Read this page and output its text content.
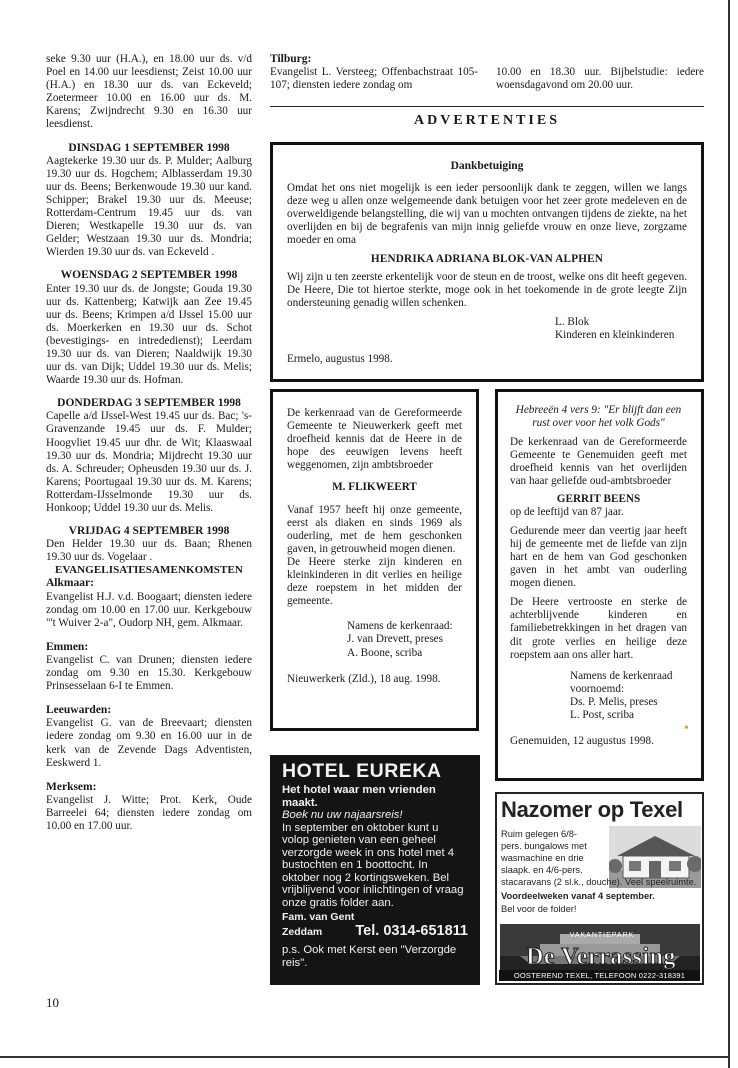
seke 9.30 uur (H.A.), en 18.00 uur ds. v/d Poel en 14.00 uur leesdienst; Zeist 10.00 uur (H.A.) en 18.30 uur ds. van Eckeveld; Zoetermeer 10.00 en 16.00 uur ds. M. Karens; Zwijndrecht 9.30 en 16.30 uur leesdienst.

DINSDAG 1 SEPTEMBER 1998

Aagtekerke 19.30 uur ds. P. Mulder; Aalburg 19.30 uur ds. Hogchem; Alblasserdam 19.30 uur ds. Beens; Berkenwoude 19.30 uur kand. Schipper; Brakel 19.30 uur ds. Meeuse; Rotterdam-Centrum 19.45 uur ds. van Dieren; Westkapelle 19.30 uur ds. van Gelder; Westzaan 19.30 uur ds. Mondria; Wierden 19.30 uur ds. van Eckeveld .

WOENSDAG 2 SEPTEMBER 1998

Enter 19.30 uur ds. de Jongste; Gouda 19.30 uur ds. Kattenberg; Katwijk aan Zee 19.45 uur ds. Beens; Krimpen a/d IJssel 15.00 uur ds. Moerkerken en 19.30 uur ds. Schot (bevestigings- en intrededienst); Leerdam 19.30 uur ds. van Dieren; Naaldwijk 19.30 uur ds. van Dijk; Uddel 19.30 uur ds. Melis; Waarde 19.30 uur ds. Hofman.

DONDERDAG 3 SEPTEMBER 1998

Capelle a/d IJssel-West 19.45 uur ds. Bac; 's-Gravenzande 19.45 uur ds. F. Mulder; Hoogvliet 19.45 uur dhr. de Wit; Klaaswaal 19.30 uur ds. Mondria; Mijdrecht 19.30 uur ds. A. Schreuder; Opheusden 19.30 uur ds. J. Karens; Poortugaal 19.30 uur ds. M. Karens; Rotterdam-IJsselmonde 19.30 uur ds. Honkoop; Uddel 19.30 uur ds. Melis.

VRIJDAG 4 SEPTEMBER 1998

Den Helder 19.30 uur ds. Baan; Rhenen 19.30 uur ds. Vogelaar .

EVANGELISATIESAMENKOMSTEN

Alkmaar:

Evangelist H.J. v.d. Boogaart; diensten iedere zondag om 10.00 en 17.00 uur. Kerkgebouw "'t Wuiver 2-a", Oudorp NH, gem. Alkmaar.

Emmen:

Evangelist C. van Drunen; diensten iedere zondag om 9.30 en 15.30. Kerkgebouw Prinsesselaan 6-I te Emmen.

Leeuwarden:

Evangelist G. van de Breevaart; diensten iedere zondag om 9.30 en 16.00 uur in de kerk van de Zevende Dags Adventisten, Eeskwerd 1.

Merksem:

Evangelist J. Witte; Prot. Kerk, Oude Barreelei 64; diensten iedere zondag om 10.00 en 17.00 uur.

10

Tilburg:

Evangelist L. Versteeg; Offenbachstraat 105-107; diensten iedere zondag om

10.00 en 18.30 uur. Bijbelstudie: iedere woensdagavond om 20.00 uur.

ADVERTENTIES

Dankbetuiging

Omdat het ons niet mogelijk is een ieder persoonlijk dank te zeggen, willen we langs deze weg u allen onze welgemeende dank betuigen voor het zeer grote medeleven en de overweldigende belangstelling, die wij van u mochten ontvangen tijdens de ziekte, na het overlijden en bij de begrafenis van mijn innig geliefde vrouw en onze lieve, zorgzame moeder en oma

HENDRIKA ADRIANA BLOK-VAN ALPHEN

Wij zijn u ten zeerste erkentelijk voor de steun en de troost, welke ons dit heeft gegeven. De Heere, Die tot hiertoe sterkte, moge ook in het toekomende in de grote leegte Zijn ondersteuning genadig willen schenken.

L. Blok

Kinderen en kleinkinderen

Ermelo, augustus 1998.

De kerkenraad van de Gereformeerde Gemeente te Nieuwerkerk geeft met droefheid kennis dat de Heere in de hope des eeuwigen levens heeft weggenomen, zijn ambtsbroeder

M. FLIKWEERT

Vanaf 1957 heeft hij onze gemeente, eerst als diaken en sinds 1969 als ouderling, met de hem geschonken gaven, in getrouwheid mogen dienen.

De Heere sterke zijn kinderen en kleinkinderen in dit verlies en heilige deze roepstem in het midden der gemeente.

Namens de kerkenraad:

J. van Drevett, preses

A. Boone, scriba

Nieuwerkerk (Zld.), 18 aug. 1998.

Hebreeën 4 vers 9: "Er blijft dan een rust over voor het volk Gods"

De kerkenraad van de Gereformeerde Gemeente te Genemuiden geeft met droefheid kennis van het overlijden van haar geliefde oud-ambtsbroeder

GERRIT BEENS

op de leeftijd van 87 jaar.

Gedurende meer dan veertig jaar heeft hij de gemeente met de liefde van zijn hart en de hem van God geschonken gaven in het ambt van ouderling mogen dienen.

De Heere vertrooste en sterke de achterblijvende kinderen en familiebetrekkingen in het dragen van dit grote verlies en heilige deze roepstem aan ons aller hart.

Namens de kerkenraad

voornoemd:

Ds. P. Melis, preses

L. Post, scriba

Genemuiden, 12 augustus 1998.

•
HOTEL EUREKA
Het hotel waar men vrienden maakt.
Boek nu uw najaarsreis!
In september en oktober kunt u volop genieten van een geheel verzorgde week in ons hotel met 4 bustochten en 1 boottocht. In oktober nog 2 kortingsweken. Bel vrijblijvend voor inlichtingen of vraag onze gratis folder aan.
Fam. van Gent
Zeddam Tel. 0314-651811
p.s. Ook met Kerst een "Verzorgde reis".
Nazomer op Texel
Ruim gelegen 6/8-
pers. bungalows met
wasmachine en drie
slaapk. en 4/6-pers.
stacaravans (2 sl.k., douche). Veel speelruimte.
Voordeelweken vanaf 4 september.
Bel voor de folder!
VAKANTIEPARK
De Verrassing
OOSTEREND TEXEL, TELEFOON 0222-318391
